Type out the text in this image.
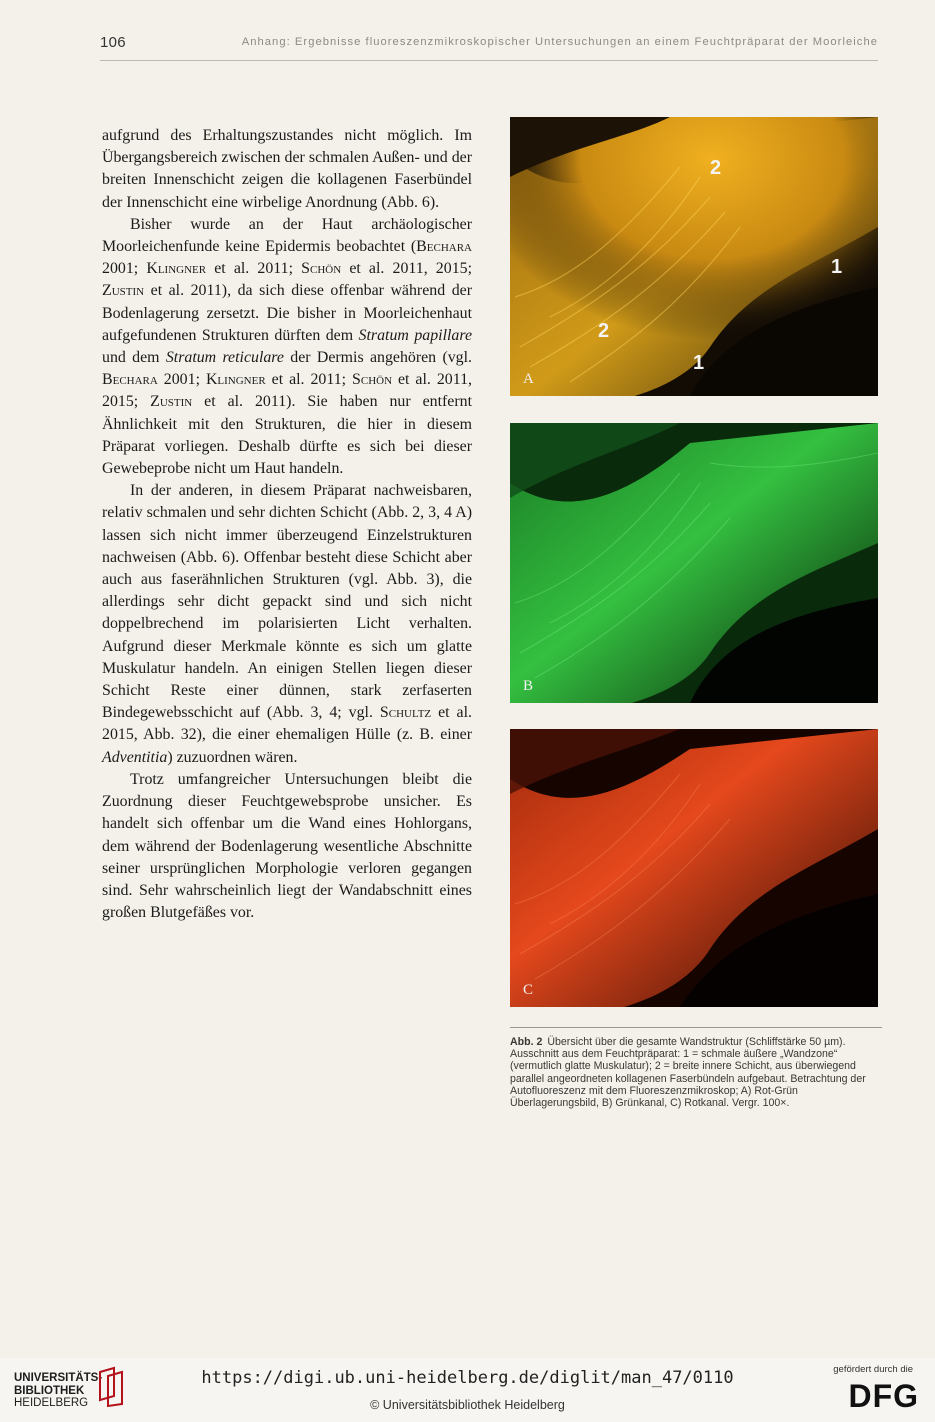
106	Anhang: Ergebnisse fluoreszenzmikroskopischer Untersuchungen an einem Feuchtpräparat der Moorleiche

aufgrund des Erhaltungszustandes nicht möglich. Im Übergangsbereich zwischen der schmalen Außen- und der breiten Innenschicht zeigen die kollagenen Faserbündel der Innenschicht eine wirbelige Anordnung (Abb. 6).

Bisher wurde an der Haut archäologischer Moorleichenfunde keine Epidermis beobachtet (Bechara 2001; Klingner et al. 2011; Schön et al. 2011, 2015; Zustin et al. 2011), da sich diese offenbar während der Bodenlagerung zersetzt. Die bisher in Moorleichenhaut aufgefundenen Strukturen dürften dem Stratum papillare und dem Stratum reticulare der Dermis angehören (vgl. Bechara 2001; Klingner et al. 2011; Schön et al. 2011, 2015; Zustin et al. 2011). Sie haben nur entfernt Ähnlichkeit mit den Strukturen, die hier in diesem Präparat vorliegen. Deshalb dürfte es sich bei dieser Gewebeprobe nicht um Haut handeln.

In der anderen, in diesem Präparat nachweisbaren, relativ schmalen und sehr dichten Schicht (Abb. 2, 3, 4 A) lassen sich nicht immer überzeugend Einzelstrukturen nachweisen (Abb. 6). Offenbar besteht diese Schicht aber auch aus faserähnlichen Strukturen (vgl. Abb. 3), die allerdings sehr dicht gepackt sind und sich nicht doppelbrechend im polarisierten Licht verhalten. Aufgrund dieser Merkmale könnte es sich um glatte Muskulatur handeln. An einigen Stellen liegen dieser Schicht Reste einer dünnen, stark zerfaserten Bindegewebsschicht auf (Abb. 3, 4; vgl. Schultz et al. 2015, Abb. 32), die einer ehemaligen Hülle (z. B. einer Adventitia) zuzuordnen wären.

Trotz umfangreicher Untersuchungen bleibt die Zuordnung dieser Feuchtgewebsprobe unsicher. Es handelt sich offenbar um die Wand eines Hohlorgans, dem während der Bodenlagerung wesentliche Abschnitte seiner ursprünglichen Morphologie verloren gegangen sind. Sehr wahrscheinlich liegt der Wandabschnitt eines großen Blutgefäßes vor.

2
1
2
1
A
B
C
Abb. 2 Übersicht über die gesamte Wandstruktur (Schliffstärke 50 µm). Ausschnitt aus dem Feuchtpräparat: 1 = schmale äußere „Wandzone“ (vermutlich glatte Muskulatur); 2 = breite innere Schicht, aus überwiegend parallel angeordneten kollagenen Faserbündeln aufgebaut. Betrachtung der Autofluoreszenz mit dem Fluoreszenzmikroskop; A) Rot-Grün Überlagerungsbild, B) Grünkanal, C) Rotkanal. Vergr. 100×.
UNIVERSITÄTS-
BIBLIOTHEK
HEIDELBERG
https://digi.ub.uni-heidelberg.de/diglit/man_47/0110
© Universitätsbibliothek Heidelberg
gefördert durch die
DFG
